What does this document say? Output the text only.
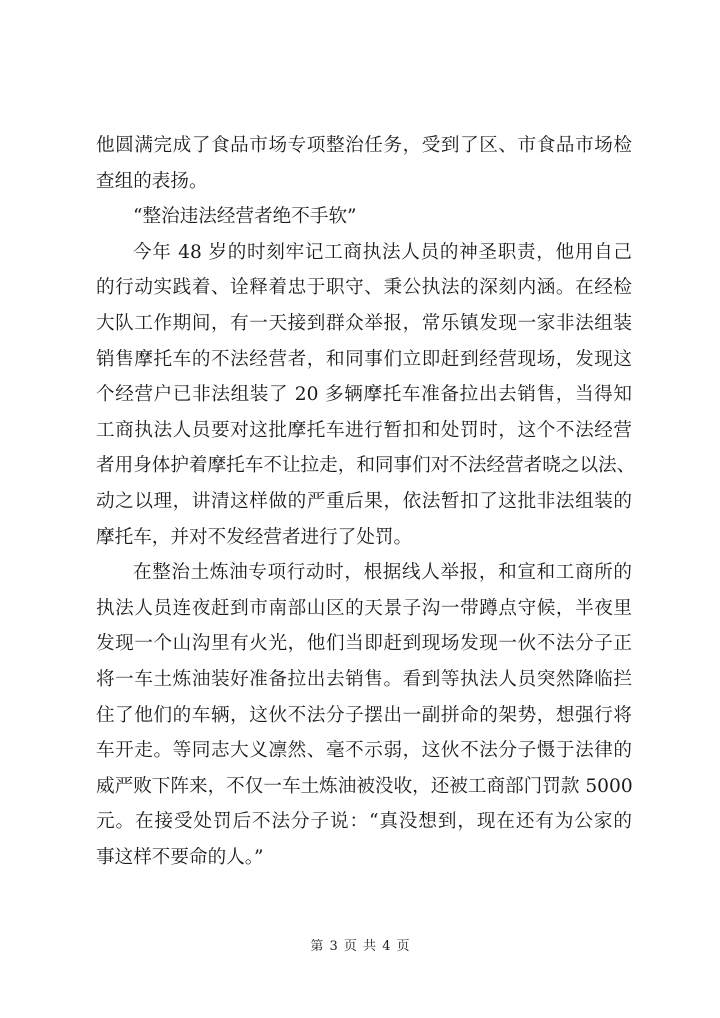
他圆满完成了食品市场专项整治任务，受到了区、市食品市场检
查组的表扬。
“整治违法经营者绝不手软”
今年 48 岁的时刻牢记工商执法人员的神圣职责，他用自己
的行动实践着、诠释着忠于职守、秉公执法的深刻内涵。在经检
大队工作期间，有一天接到群众举报，常乐镇发现一家非法组装
销售摩托车的不法经营者，和同事们立即赶到经营现场，发现这
个经营户已非法组装了 20 多辆摩托车准备拉出去销售，当得知
工商执法人员要对这批摩托车进行暂扣和处罚时，这个不法经营
者用身体护着摩托车不让拉走，和同事们对不法经营者晓之以法、
动之以理，讲清这样做的严重后果，依法暂扣了这批非法组装的
摩托车，并对不发经营者进行了处罚。
在整治土炼油专项行动时，根据线人举报，和宣和工商所的
执法人员连夜赶到市南部山区的天景子沟一带蹲点守候，半夜里
发现一个山沟里有火光，他们当即赶到现场发现一伙不法分子正
将一车土炼油装好准备拉出去销售。看到等执法人员突然降临拦
住了他们的车辆，这伙不法分子摆出一副拼命的架势，想强行将
车开走。等同志大义凛然、毫不示弱，这伙不法分子慑于法律的
威严败下阵来，不仅一车土炼油被没收，还被工商部门罚款 5000
元。在接受处罚后不法分子说：“真没想到，现在还有为公家的
事这样不要命的人。”
第 3 页 共 4 页
